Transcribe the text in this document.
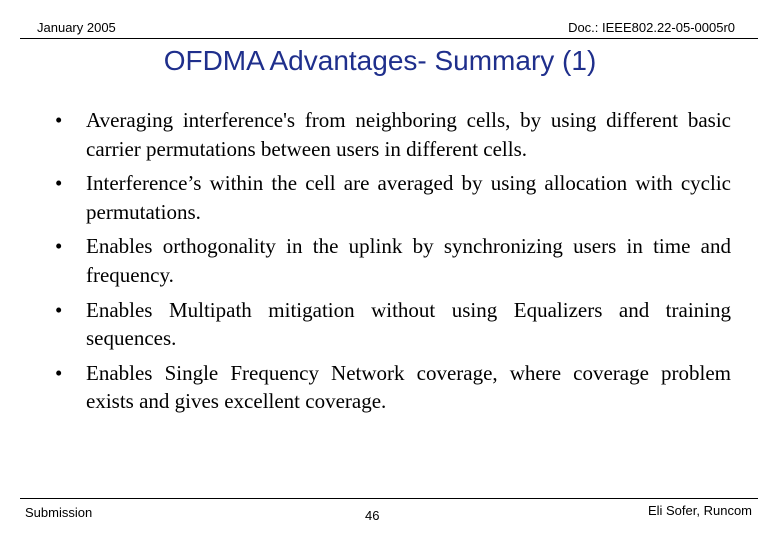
January 2005	Doc.: IEEE802.22-05-0005r0
OFDMA Advantages- Summary (1)
• Averaging interference's from neighboring cells, by using different basic carrier permutations between users in different cells.
• Interference’s within the cell are averaged by using allocation with cyclic permutations.
• Enables orthogonality in the uplink by synchronizing users in time and frequency.
• Enables Multipath mitigation without using Equalizers and training sequences.
• Enables Single Frequency Network coverage, where coverage problem exists and gives excellent coverage.
Submission	46	Eli Sofer, Runcom
